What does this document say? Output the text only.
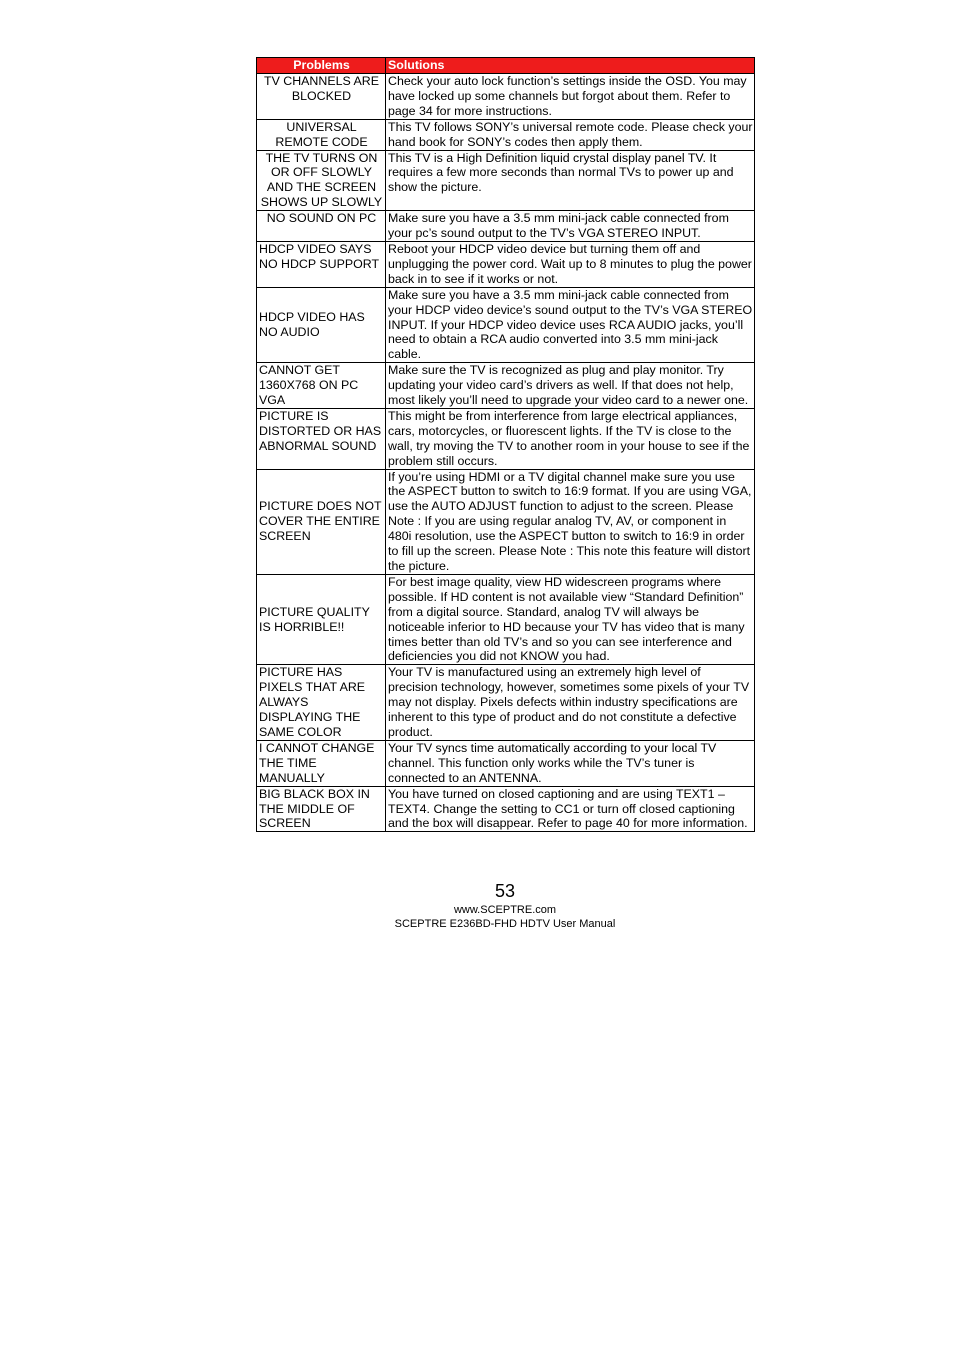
Problems	Solutions
TV CHANNELS ARE BLOCKED	Check your auto lock function’s settings inside the OSD. You may have locked up some channels but forgot about them. Refer to page 34 for more instructions.
UNIVERSAL REMOTE CODE	This TV follows SONY’s universal remote code. Please check your hand book for SONY’s codes then apply them.
THE TV TURNS ON OR OFF SLOWLY AND THE SCREEN SHOWS UP SLOWLY	This TV is a High Definition liquid crystal display panel TV. It requires a few more seconds than normal TVs to power up and show the picture.
NO SOUND ON PC	Make sure you have a 3.5 mm mini-jack cable connected from your pc’s sound output to the TV’s VGA STEREO INPUT.
HDCP VIDEO SAYS NO HDCP SUPPORT	Reboot your HDCP video device but turning them off and unplugging the power cord. Wait up to 8 minutes to plug the power back in to see if it works or not.
HDCP VIDEO HAS NO AUDIO	Make sure you have a 3.5 mm mini-jack cable connected from your HDCP video device’s sound output to the TV’s VGA STEREO INPUT. If your HDCP video device uses RCA AUDIO jacks, you’ll need to obtain a RCA audio converted into 3.5 mm mini-jack cable.
CANNOT GET 1360X768 ON PC VGA	Make sure the TV is recognized as plug and play monitor. Try updating your video card’s drivers as well. If that does not help, most likely you’ll need to upgrade your video card to a newer one.
PICTURE IS DISTORTED OR HAS ABNORMAL SOUND	This might be from interference from large electrical appliances, cars, motorcycles, or fluorescent lights. If the TV is close to the wall, try moving the TV to another room in your house to see if the problem still occurs.
PICTURE DOES NOT COVER THE ENTIRE SCREEN	If you’re using HDMI or a TV digital channel make sure you use the ASPECT button to switch to 16:9 format. If you are using VGA, use the AUTO ADJUST function to adjust to the screen. Please Note : If you are using regular analog TV, AV, or component in 480i resolution, use the ASPECT button to switch to 16:9 in order to fill up the screen. Please Note : This note this feature will distort the picture.
PICTURE QUALITY IS HORRIBLE!!	For best image quality, view HD widescreen programs where possible. If HD content is not available view “Standard Definition” from a digital source. Standard, analog TV will always be noticeable inferior to HD because your TV has video that is many times better than old TV’s and so you can see interference and deficiencies you did not KNOW you had.
PICTURE HAS PIXELS THAT ARE ALWAYS DISPLAYING THE SAME COLOR	Your TV is manufactured using an extremely high level of precision technology, however, sometimes some pixels of your TV may not display. Pixels defects within industry specifications are inherent to this type of product and do not constitute a defective product.
I CANNOT CHANGE THE TIME MANUALLY	Your TV syncs time automatically according to your local TV channel. This function only works while the TV’s tuner is connected to an ANTENNA.
BIG BLACK BOX IN THE MIDDLE OF SCREEN	You have turned on closed captioning and are using TEXT1 – TEXT4. Change the setting to CC1 or turn off closed captioning and the box will disappear. Refer to page 40 for more information.
53
www.SCEPTRE.com
SCEPTRE E236BD-FHD HDTV User Manual
